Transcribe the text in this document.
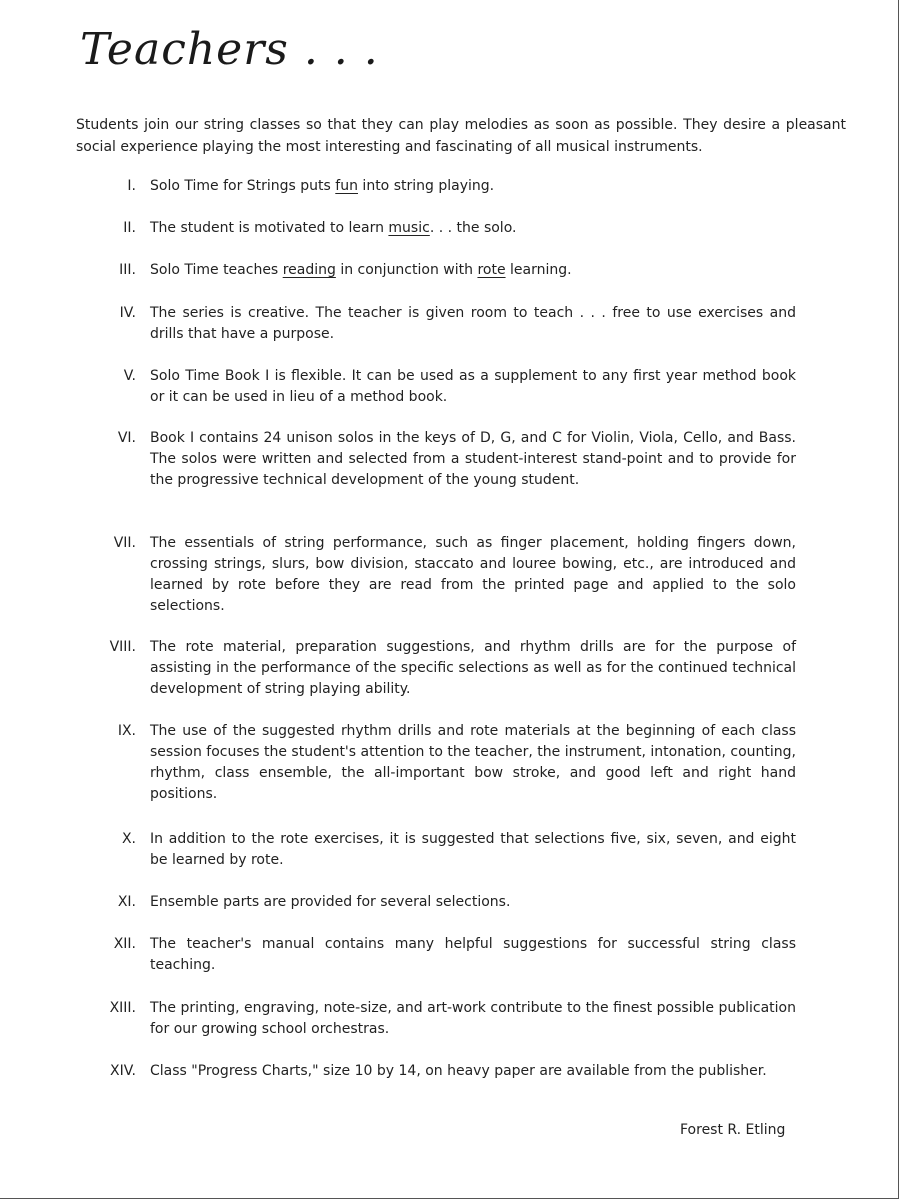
Teachers . . .

Students join our string classes so that they can play melodies as soon as possible. They desire a pleasant social experience playing the most interesting and fascinating of all musical instruments.

I. Solo Time for Strings puts fun into string playing.

II. The student is motivated to learn music. . . the solo.

III. Solo Time teaches reading in conjunction with rote learning.

IV. The series is creative. The teacher is given room to teach . . . free to use exercises and drills that have a purpose.

V. Solo Time Book I is flexible. It can be used as a supplement to any first year method book or it can be used in lieu of a method book.

VI. Book I contains 24 unison solos in the keys of D, G, and C for Violin, Viola, Cello, and Bass. The solos were written and selected from a student-interest stand-point and to provide for the progressive technical development of the young student.

VII. The essentials of string performance, such as finger placement, holding fingers down, crossing strings, slurs, bow division, staccato and louree bowing, etc., are introduced and learned by rote before they are read from the printed page and applied to the solo selections.

VIII. The rote material, preparation suggestions, and rhythm drills are for the purpose of assisting in the performance of the specific selections as well as for the continued technical development of string playing ability.

IX. The use of the suggested rhythm drills and rote materials at the beginning of each class session focuses the student's attention to the teacher, the instrument, intonation, counting, rhythm, class ensemble, the all-important bow stroke, and good left and right hand positions.

X. In addition to the rote exercises, it is suggested that selections five, six, seven, and eight be learned by rote.

XI. Ensemble parts are provided for several selections.

XII. The teacher's manual contains many helpful suggestions for successful string class teaching.

XIII. The printing, engraving, note-size, and art-work contribute to the finest possible publication for our growing school orchestras.

XIV. Class "Progress Charts," size 10 by 14, on heavy paper are available from the publisher.

Forest R. Etling
